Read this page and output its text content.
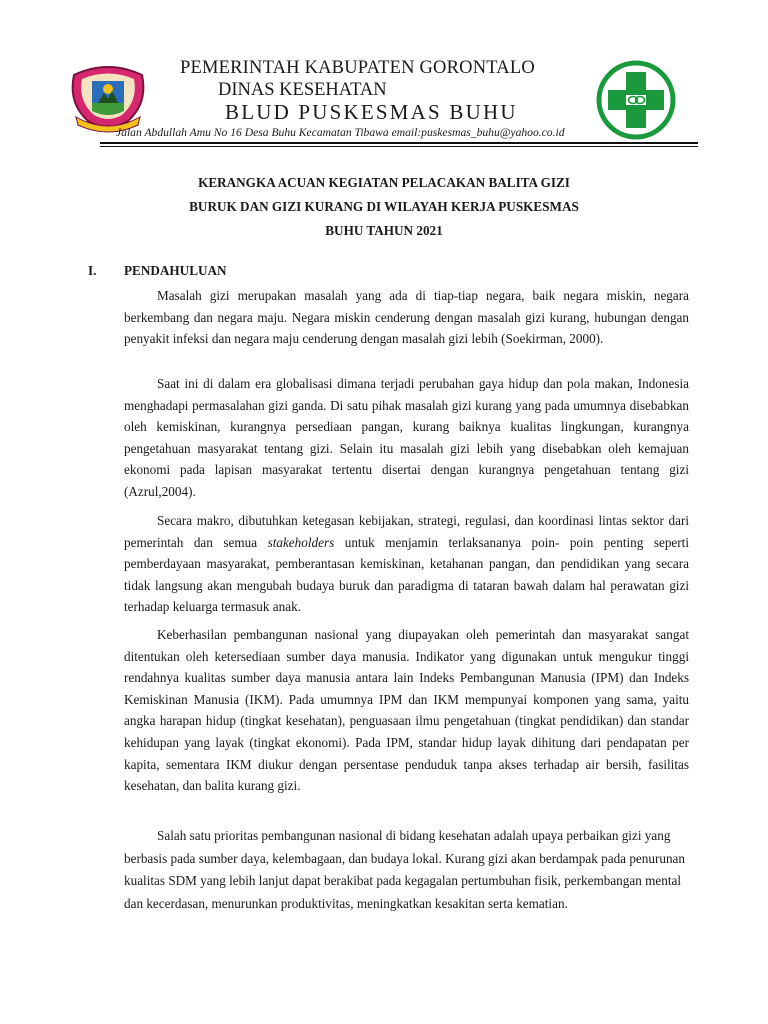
PEMERINTAH KABUPATEN GORONTALO
DINAS KESEHATAN
BLUD PUSKESMAS BUHU
Jalan Abdullah Amu No 16 Desa Buhu Kecamatan Tibawa email:puskesmas_buhu@yahoo.co.id
KERANGKA ACUAN KEGIATAN PELACAKAN BALITA GIZI
BURUK DAN GIZI KURANG DI WILAYAH KERJA PUSKESMAS
BUHU TAHUN 2021
I. PENDAHULUAN
Masalah gizi merupakan masalah yang ada di tiap-tiap negara, baik negara miskin, negara berkembang dan negara maju. Negara miskin cenderung dengan masalah gizi kurang, hubungan dengan penyakit infeksi dan negara maju cenderung dengan masalah gizi lebih (Soekirman, 2000).
Saat ini di dalam era globalisasi dimana terjadi perubahan gaya hidup dan pola makan, Indonesia menghadapi permasalahan gizi ganda. Di satu pihak masalah gizi kurang yang pada umumnya disebabkan oleh kemiskinan, kurangnya persediaan pangan, kurang baiknya kualitas lingkungan, kurangnya pengetahuan masyarakat tentang gizi. Selain itu masalah gizi lebih yang disebabkan oleh kemajuan ekonomi pada lapisan masyarakat tertentu disertai dengan kurangnya pengetahuan tentang gizi (Azrul,2004).
Secara makro, dibutuhkan ketegasan kebijakan, strategi, regulasi, dan koordinasi lintas sektor dari pemerintah dan semua stakeholders untuk menjamin terlaksananya poin- poin penting seperti pemberdayaan masyarakat, pemberantasan kemiskinan, ketahanan pangan, dan pendidikan yang secara tidak langsung akan mengubah budaya buruk dan paradigma di tataran bawah dalam hal perawatan gizi terhadap keluarga termasuk anak.
Keberhasilan pembangunan nasional yang diupayakan oleh pemerintah dan masyarakat sangat ditentukan oleh ketersediaan sumber daya manusia. Indikator yang digunakan untuk mengukur tinggi rendahnya kualitas sumber daya manusia antara lain Indeks Pembangunan Manusia (IPM) dan Indeks Kemiskinan Manusia (IKM). Pada umumnya IPM dan IKM mempunyai komponen yang sama, yaitu angka harapan hidup (tingkat kesehatan), penguasaan ilmu pengetahuan (tingkat pendidikan) dan standar kehidupan yang layak (tingkat ekonomi). Pada IPM, standar hidup layak dihitung dari pendapatan per kapita, sementara IKM diukur dengan persentase penduduk tanpa akses terhadap air bersih, fasilitas kesehatan, dan balita kurang gizi.
Salah satu prioritas pembangunan nasional di bidang kesehatan adalah upaya perbaikan gizi yang berbasis pada sumber daya, kelembagaan, dan budaya lokal. Kurang gizi akan berdampak pada penurunan kualitas SDM yang lebih lanjut dapat berakibat pada kegagalan pertumbuhan fisik, perkembangan mental dan kecerdasan, menurunkan produktivitas, meningkatkan kesakitan serta kematian.
